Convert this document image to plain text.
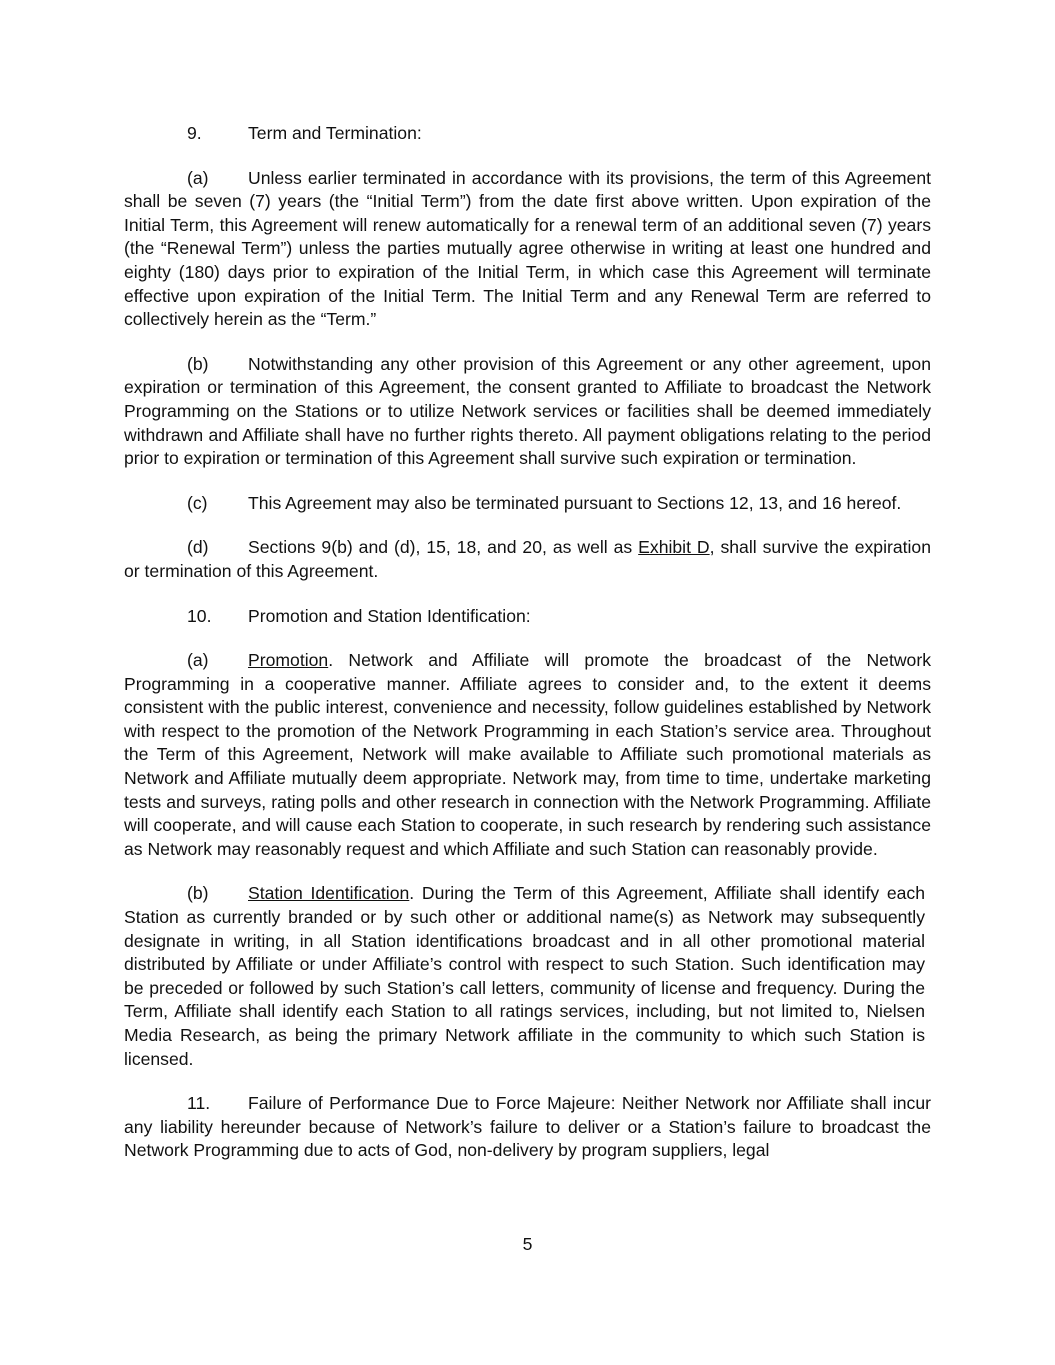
9.	Term and Termination:

(a) Unless earlier terminated in accordance with its provisions, the term of this Agreement shall be seven (7) years (the “Initial Term”) from the date first above written. Upon expiration of the Initial Term, this Agreement will renew automatically for a renewal term of an additional seven (7) years (the “Renewal Term”) unless the parties mutually agree otherwise in writing at least one hundred and eighty (180) days prior to expiration of the Initial Term, in which case this Agreement will terminate effective upon expiration of the Initial Term. The Initial Term and any Renewal Term are referred to collectively herein as the “Term.”

(b) Notwithstanding any other provision of this Agreement or any other agreement, upon expiration or termination of this Agreement, the consent granted to Affiliate to broadcast the Network Programming on the Stations or to utilize Network services or facilities shall be deemed immediately withdrawn and Affiliate shall have no further rights thereto. All payment obligations relating to the period prior to expiration or termination of this Agreement shall survive such expiration or termination.

(c) This Agreement may also be terminated pursuant to Sections 12, 13, and 16 hereof.

(d) Sections 9(b) and (d), 15, 18, and 20, as well as Exhibit D, shall survive the expiration or termination of this Agreement.

10. Promotion and Station Identification:

(a) Promotion. Network and Affiliate will promote the broadcast of the Network Programming in a cooperative manner. Affiliate agrees to consider and, to the extent it deems consistent with the public interest, convenience and necessity, follow guidelines established by Network with respect to the promotion of the Network Programming in each Station’s service area. Throughout the Term of this Agreement, Network will make available to Affiliate such promotional materials as Network and Affiliate mutually deem appropriate. Network may, from time to time, undertake marketing tests and surveys, rating polls and other research in connection with the Network Programming. Affiliate will cooperate, and will cause each Station to cooperate, in such research by rendering such assistance as Network may reasonably request and which Affiliate and such Station can reasonably provide.

(b) Station Identification. During the Term of this Agreement, Affiliate shall identify each Station as currently branded or by such other or additional name(s) as Network may subsequently designate in writing, in all Station identifications broadcast and in all other promotional material distributed by Affiliate or under Affiliate’s control with respect to such Station. Such identification may be preceded or followed by such Station’s call letters, community of license and frequency. During the Term, Affiliate shall identify each Station to all ratings services, including, but not limited to, Nielsen Media Research, as being the primary Network affiliate in the community to which such Station is licensed.

11. Failure of Performance Due to Force Majeure: Neither Network nor Affiliate shall incur any liability hereunder because of Network’s failure to deliver or a Station’s failure to broadcast the Network Programming due to acts of God, non-delivery by program suppliers, legal

5
